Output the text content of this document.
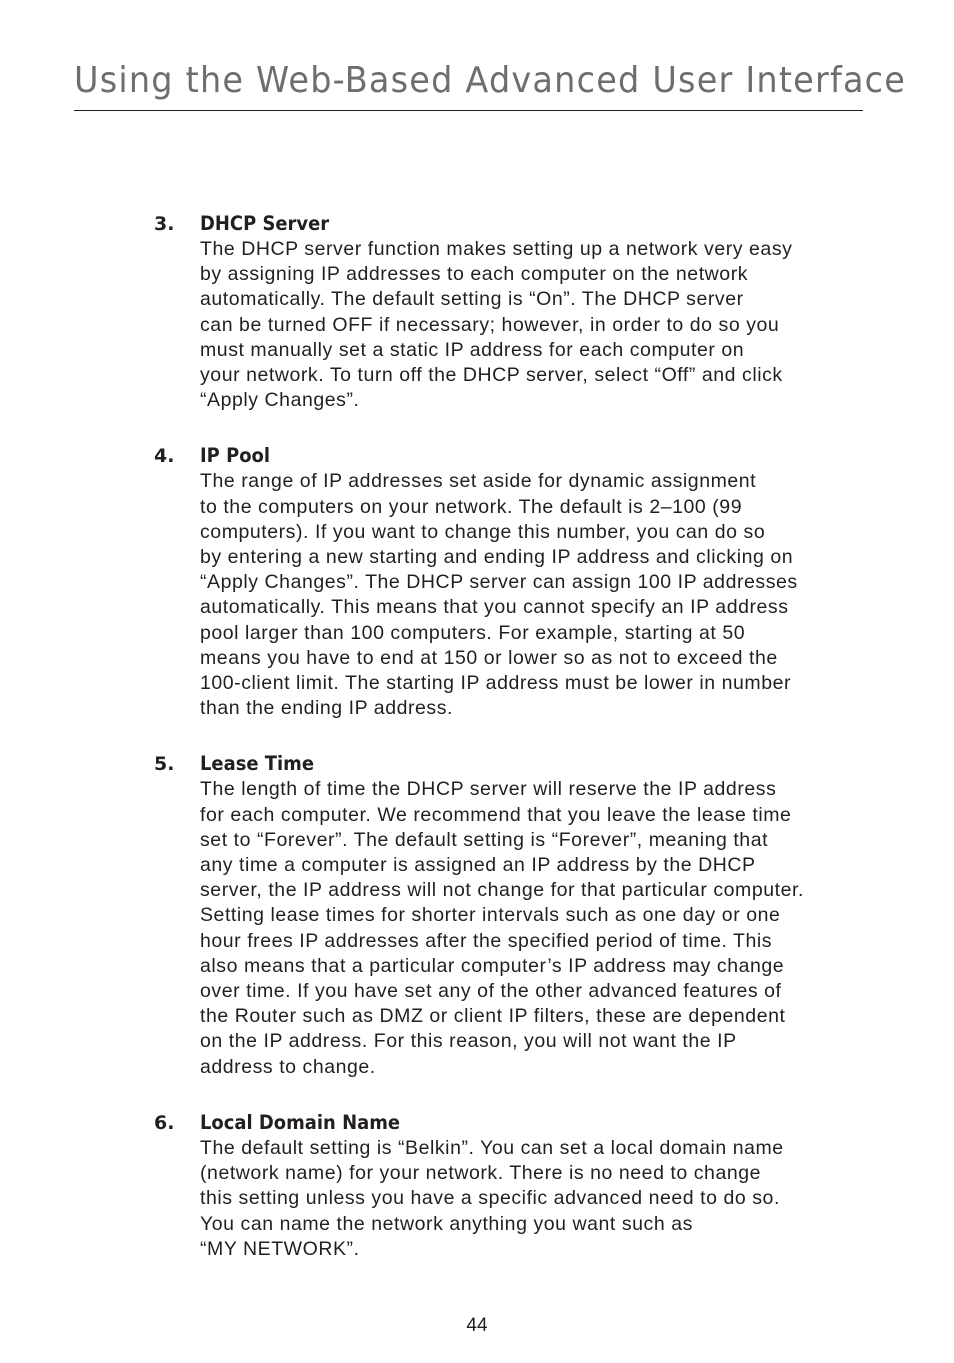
Using the Web-Based Advanced User Interface
3. DHCP Server

The DHCP server function makes setting up a network very easy
by assigning IP addresses to each computer on the network
automatically. The default setting is “On”. The DHCP server
can be turned OFF if necessary; however, in order to do so you
must manually set a static IP address for each computer on
your network. To turn off the DHCP server, select “Off” and click
“Apply Changes”.

4. IP Pool

The range of IP addresses set aside for dynamic assignment
to the computers on your network. The default is 2–100 (99
computers). If you want to change this number, you can do so
by entering a new starting and ending IP address and clicking on
“Apply Changes”. The DHCP server can assign 100 IP addresses
automatically. This means that you cannot specify an IP address
pool larger than 100 computers. For example, starting at 50
means you have to end at 150 or lower so as not to exceed the
100-client limit. The starting IP address must be lower in number
than the ending IP address.

5. Lease Time

The length of time the DHCP server will reserve the IP address
for each computer. We recommend that you leave the lease time
set to “Forever”. The default setting is “Forever”, meaning that
any time a computer is assigned an IP address by the DHCP
server, the IP address will not change for that particular computer.
Setting lease times for shorter intervals such as one day or one
hour frees IP addresses after the specified period of time. This
also means that a particular computer’s IP address may change
over time. If you have set any of the other advanced features of
the Router such as DMZ or client IP filters, these are dependent
on the IP address. For this reason, you will not want the IP
address to change.

6. Local Domain Name

The default setting is “Belkin”. You can set a local domain name
(network name) for your network. There is no need to change
this setting unless you have a specific advanced need to do so.
You can name the network anything you want such as
“MY NETWORK”.

44
